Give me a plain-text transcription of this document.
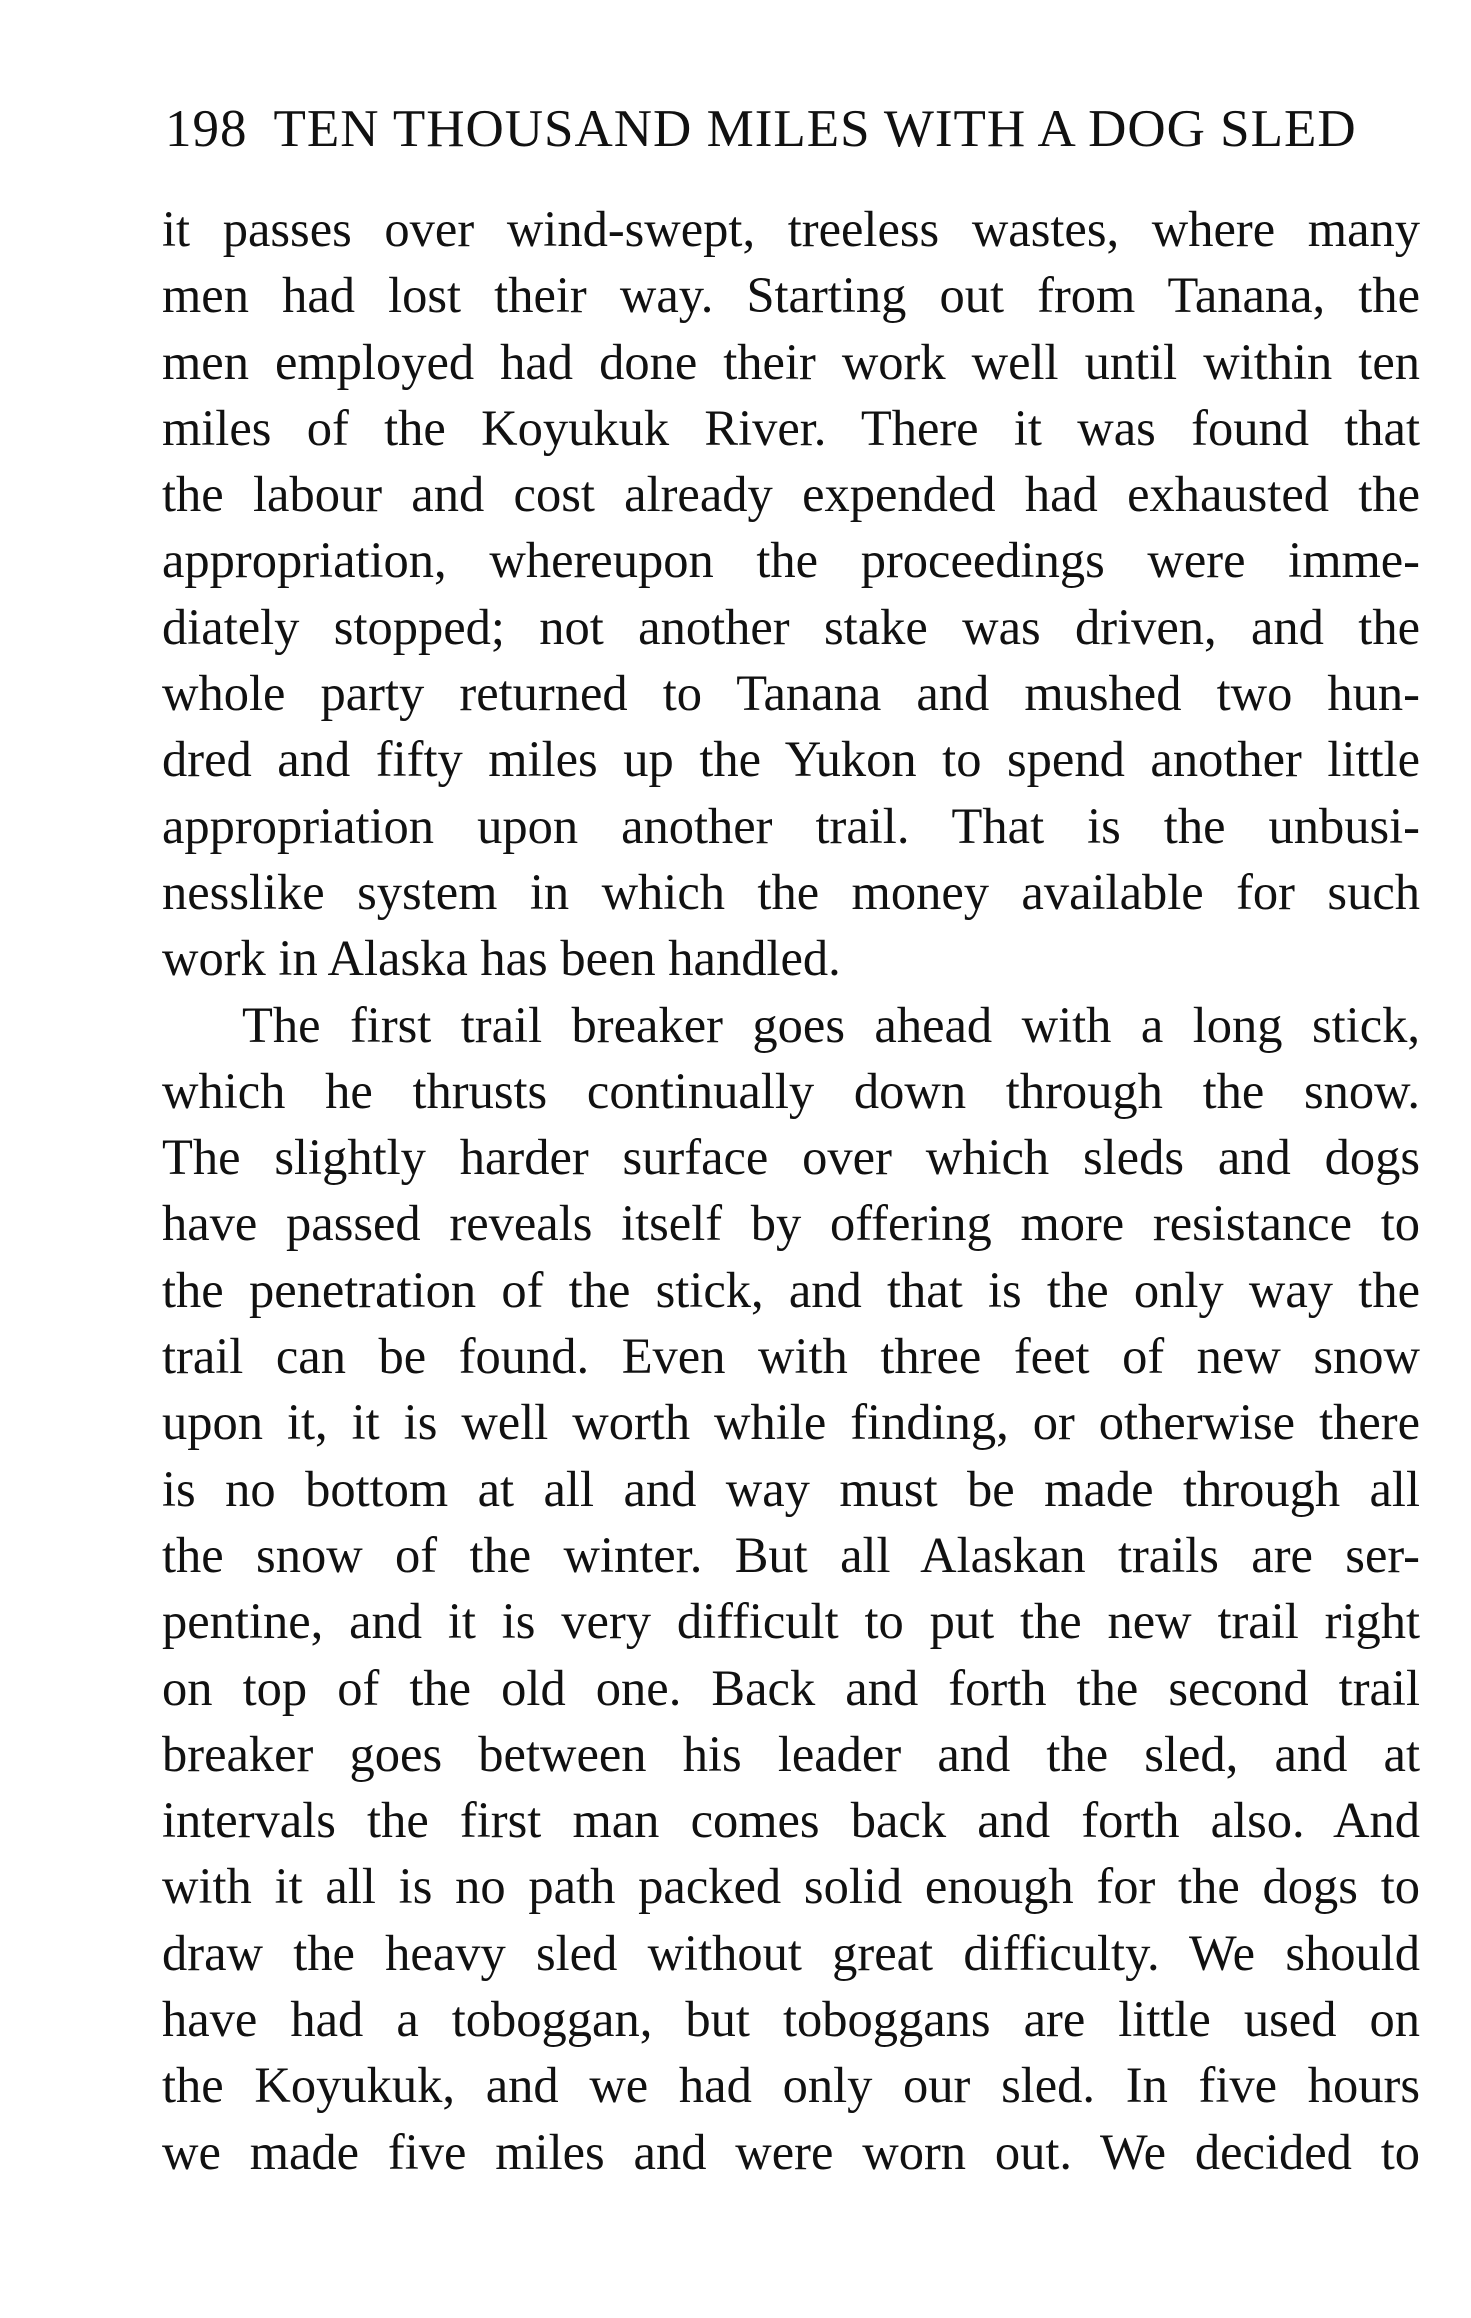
198 TEN THOUSAND MILES WITH A DOG SLED
it passes over wind-swept, treeless wastes, where many
men had lost their way. Starting out from Tanana, the
men employed had done their work well until within ten
miles of the Koyukuk River. There it was found that
the labour and cost already expended had exhausted the
appropriation, whereupon the proceedings were imme-
diately stopped; not another stake was driven, and the
whole party returned to Tanana and mushed two hun-
dred and fifty miles up the Yukon to spend another little
appropriation upon another trail. That is the unbusi-
nesslike system in which the money available for such
work in Alaska has been handled.
The first trail breaker goes ahead with a long stick,
which he thrusts continually down through the snow.
The slightly harder surface over which sleds and dogs
have passed reveals itself by offering more resistance to
the penetration of the stick, and that is the only way the
trail can be found. Even with three feet of new snow
upon it, it is well worth while finding, or otherwise there
is no bottom at all and way must be made through all
the snow of the winter. But all Alaskan trails are ser-
pentine, and it is very difficult to put the new trail right
on top of the old one. Back and forth the second trail
breaker goes between his leader and the sled, and at
intervals the first man comes back and forth also. And
with it all is no path packed solid enough for the dogs to
draw the heavy sled without great difficulty. We should
have had a toboggan, but toboggans are little used on
the Koyukuk, and we had only our sled. In five hours
we made five miles and were worn out. We decided to
